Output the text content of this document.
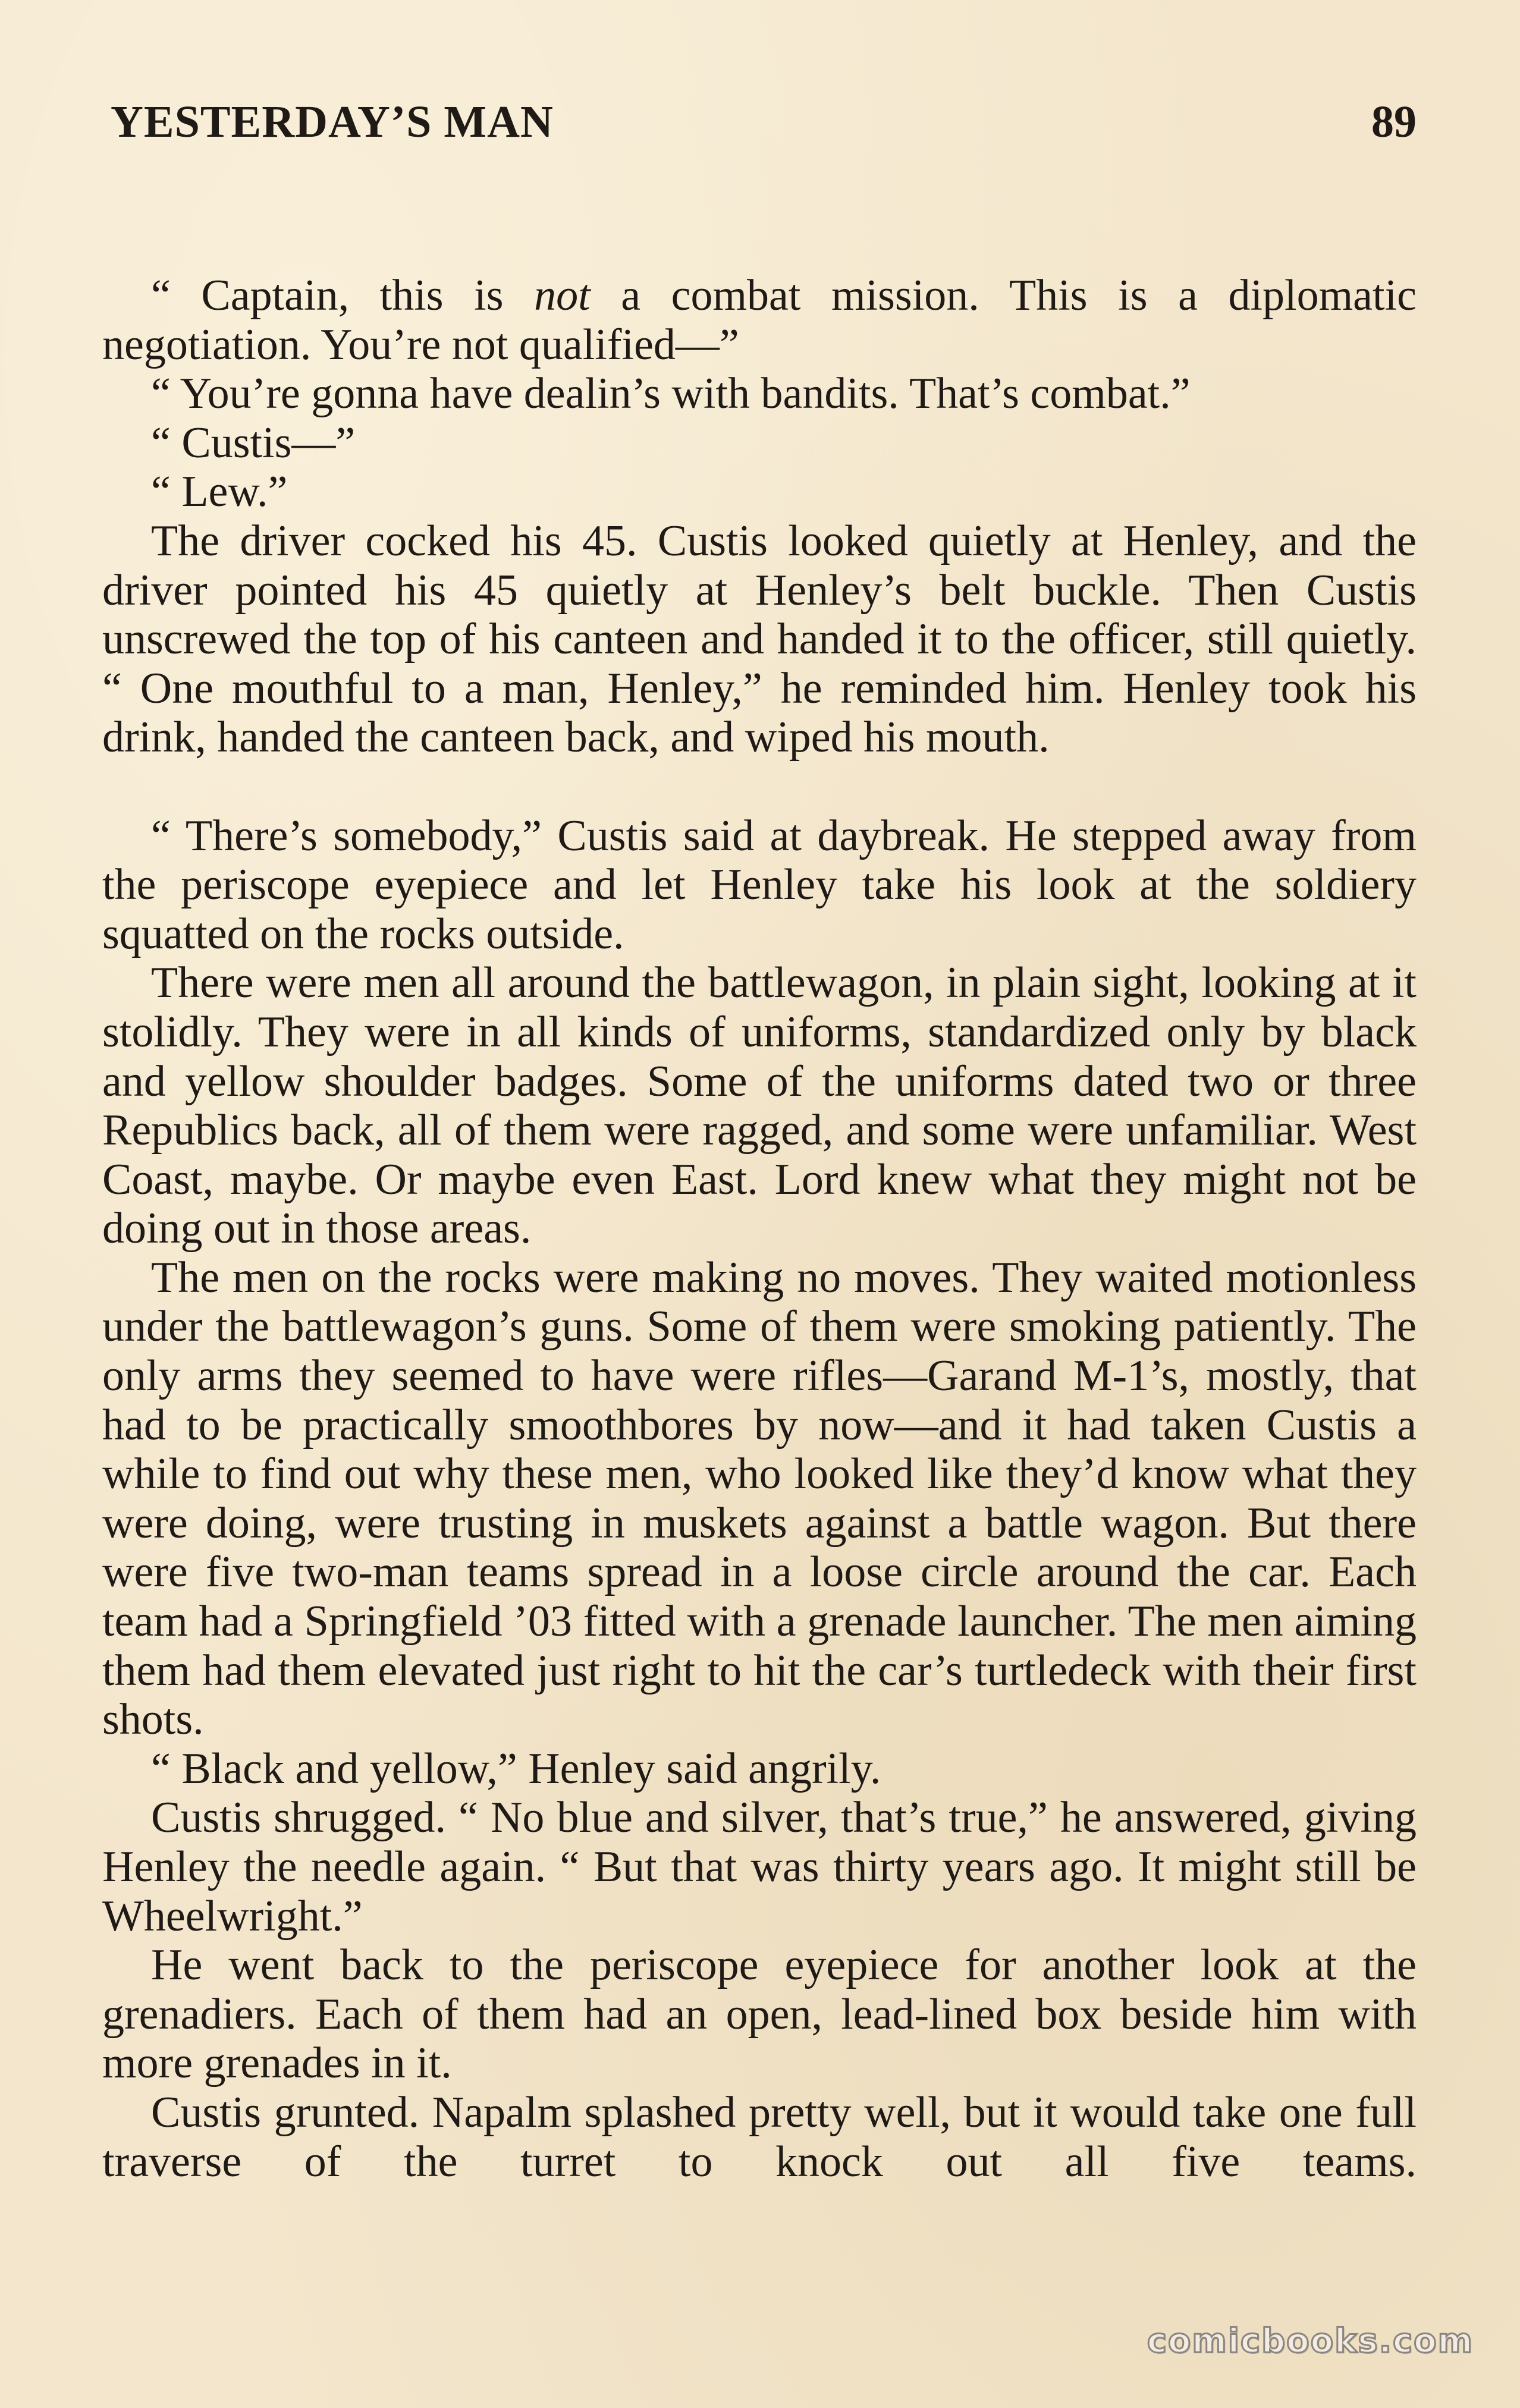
YESTERDAY’S MAN	89

“ Captain, this is not a combat mission. This is a diplomatic negotiation. You’re not qualified—”

“ You’re gonna have dealin’s with bandits. That’s combat.”

“ Custis—”

“ Lew.”

The driver cocked his 45. Custis looked quietly at Henley, and the driver pointed his 45 quietly at Henley’s belt buckle. Then Custis unscrewed the top of his canteen and handed it to the officer, still quietly. “ One mouthful to a man, Henley,” he reminded him. Henley took his drink, handed the canteen back, and wiped his mouth.

“ There’s somebody,” Custis said at daybreak. He stepped away from the periscope eyepiece and let Henley take his look at the soldiery squatted on the rocks outside.

There were men all around the battlewagon, in plain sight, looking at it stolidly. They were in all kinds of uniforms, standardized only by black and yellow shoulder badges. Some of the uniforms dated two or three Republics back, all of them were ragged, and some were unfamiliar. West Coast, maybe. Or maybe even East. Lord knew what they might not be doing out in those areas.

The men on the rocks were making no moves. They waited motionless under the battlewagon’s guns. Some of them were smoking patiently. The only arms they seemed to have were rifles—Garand M-1’s, mostly, that had to be practically smoothbores by now—and it had taken Custis a while to find out why these men, who looked like they’d know what they were doing, were trusting in muskets against a battle wagon. But there were five two-man teams spread in a loose circle around the car. Each team had a Springfield ’03 fitted with a grenade launcher. The men aiming them had them elevated just right to hit the car’s turtledeck with their first shots.

“ Black and yellow,” Henley said angrily.

Custis shrugged. “ No blue and silver, that’s true,” he answered, giving Henley the needle again. “ But that was thirty years ago. It might still be Wheelwright.”

He went back to the periscope eyepiece for another look at the grenadiers. Each of them had an open, lead-lined box beside him with more grenades in it.

Custis grunted. Napalm splashed pretty well, but it would take one full traverse of the turret to knock out all five teams.

comicbooks.com
